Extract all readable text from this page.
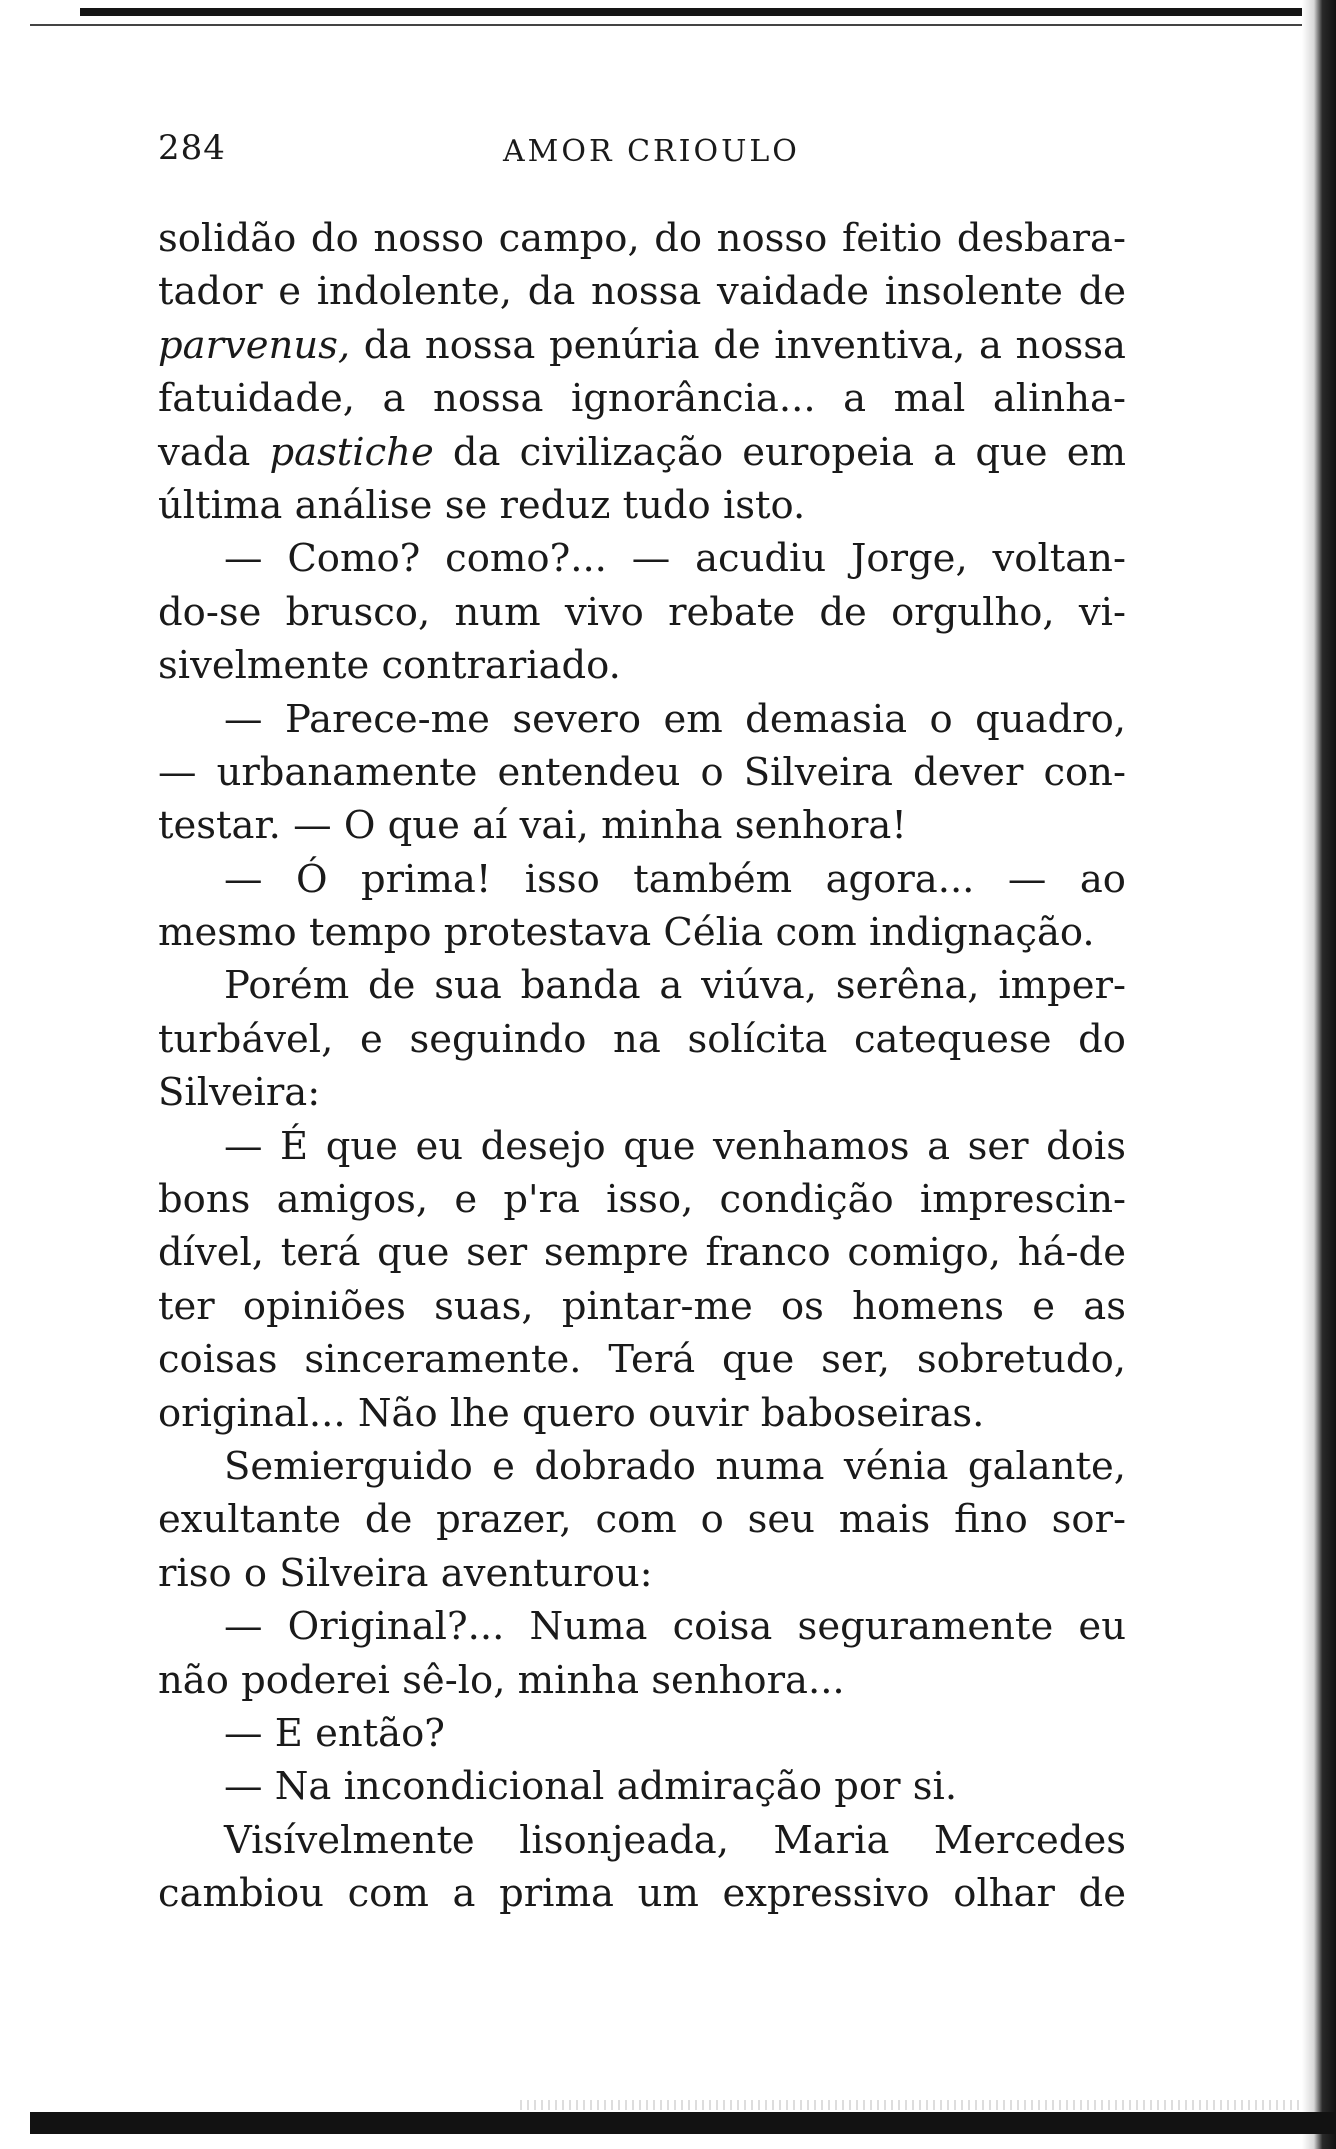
284	AMOR CRIOULO
solidão do nosso campo, do nosso feitio desbara-
tador e indolente, da nossa vaidade insolente de
parvenus, da nossa penúria de inventiva, a nossa
fatuidade, a nossa ignorância... a mal alinha-
vada pastiche da civilização europeia a que em
última análise se reduz tudo isto.
— Como? como?... — acudiu Jorge, voltan-
do-se brusco, num vivo rebate de orgulho, vi-
sivelmente contrariado.
— Parece-me severo em demasia o quadro,
— urbanamente entendeu o Silveira dever con-
testar. — O que aí vai, minha senhora!
— Ó prima! isso também agora... — ao
mesmo tempo protestava Célia com indignação.
Porém de sua banda a viúva, serêna, imper-
turbável, e seguindo na solícita catequese do
Silveira:
— É que eu desejo que venhamos a ser dois
bons amigos, e p'ra isso, condição imprescin-
dível, terá que ser sempre franco comigo, há-de
ter opiniões suas, pintar-me os homens e as
coisas sinceramente. Terá que ser, sobretudo,
original... Não lhe quero ouvir baboseiras.
Semierguido e dobrado numa vénia galante,
exultante de prazer, com o seu mais fino sor-
riso o Silveira aventurou:
— Original?... Numa coisa seguramente eu
não poderei sê-lo, minha senhora...
— E então?
— Na incondicional admiração por si.
Visívelmente lisonjeada, Maria Mercedes
cambiou com a prima um expressivo olhar de
